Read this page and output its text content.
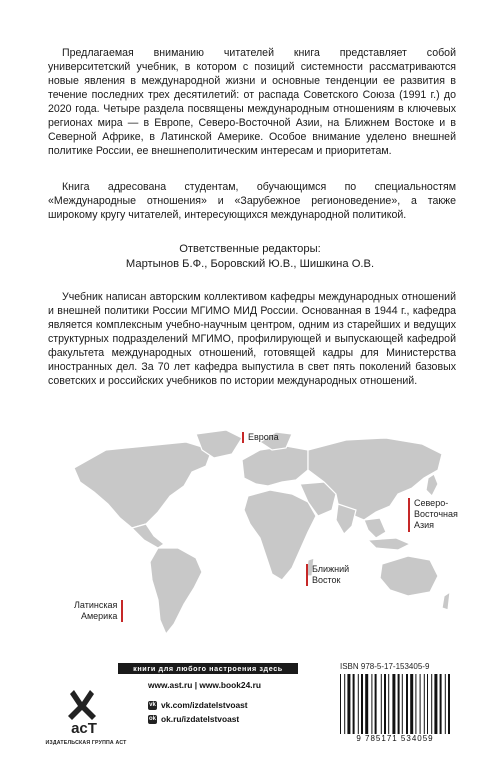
Предлагаемая вниманию читателей книга представляет собой университетский учебник, в котором с позиций системности рассматриваются новые явления в международной жизни и основные тенденции ее развития в течение последних трех десятилетий: от распада Советского Союза (1991 г.) до 2020 года. Четыре раздела посвящены международным отношениям в ключевых регионах мира — в Европе, Северо-Восточной Азии, на Ближнем Востоке и в Северной Африке, в Латинской Америке. Особое внимание уделено внешней политике России, ее внешнеполитическим интересам и приоритетам.

Книга адресована студентам, обучающимся по специальностям «Международные отношения» и «Зарубежное регионоведение», а также широкому кругу читателей, интересующихся международной политикой.

Ответственные редакторы:
Мартынов Б.Ф., Боровский Ю.В., Шишкина О.В.

Учебник написан авторским коллективом кафедры международных отношений и внешней политики России МГИМО МИД России. Основанная в 1944 г., кафедра является комплексным учебно-научным центром, одним из старейших и ведущих структурных подразделений МГИМО, профилирующей и выпускающей кафедрой факультета международных отношений, готовящей кадры для Министерства иностранных дел. За 70 лет кафедра выпустила в свет пять поколений базовых советских и российских учебников по истории международных отношений.

Европа
Северо-
Восточная
Азия
Ближний
Восток
Латинская
Америка
книги для любого настроения здесь
acT
ИЗДАТЕЛЬСКАЯ ГРУППА АСТ
www.ast.ru | www.book24.ru
vk vk.com/izdatelstvoast
ok ok.ru/izdatelstvoast
ISBN 978-5-17-153405-9
9 785171 534059
